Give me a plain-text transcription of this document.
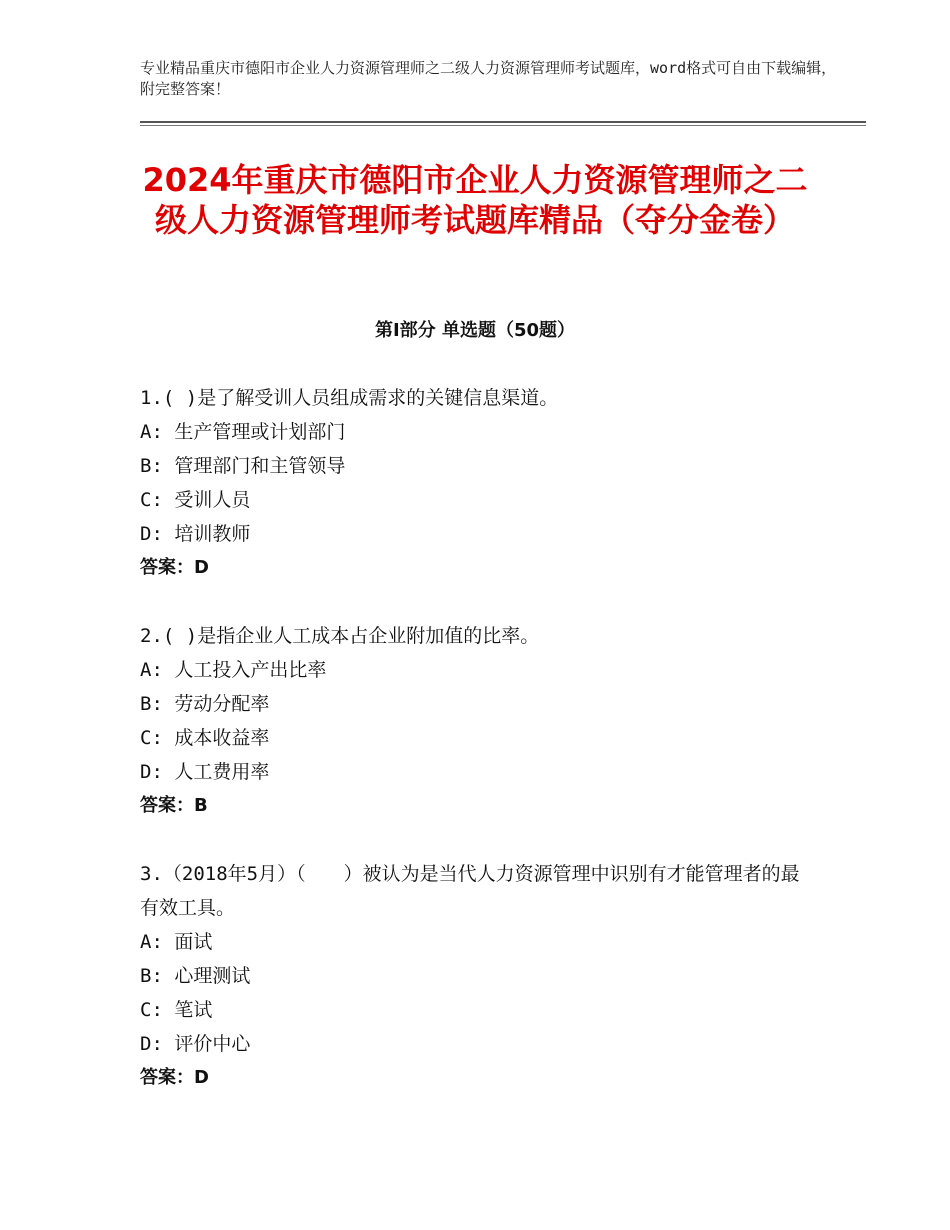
专业精品重庆市德阳市企业人力资源管理师之二级人力资源管理师考试题库，word格式可自由下载编辑，附完整答案！
2024年重庆市德阳市企业人力资源管理师之二级人力资源管理师考试题库精品（夺分金卷）
第Ⅰ部分 单选题（50题）
1.( )是了解受训人员组成需求的关键信息渠道。
A: 生产管理或计划部门
B: 管理部门和主管领导
C: 受训人员
D: 培训教师
答案：D
2.( )是指企业人工成本占企业附加值的比率。
A: 人工投入产出比率
B: 劳动分配率
C: 成本收益率
D: 人工费用率
答案：B
3.（2018年5月）（　　）被认为是当代人力资源管理中识别有才能管理者的最有效工具。
A: 面试
B: 心理测试
C: 笔试
D: 评价中心
答案：D
